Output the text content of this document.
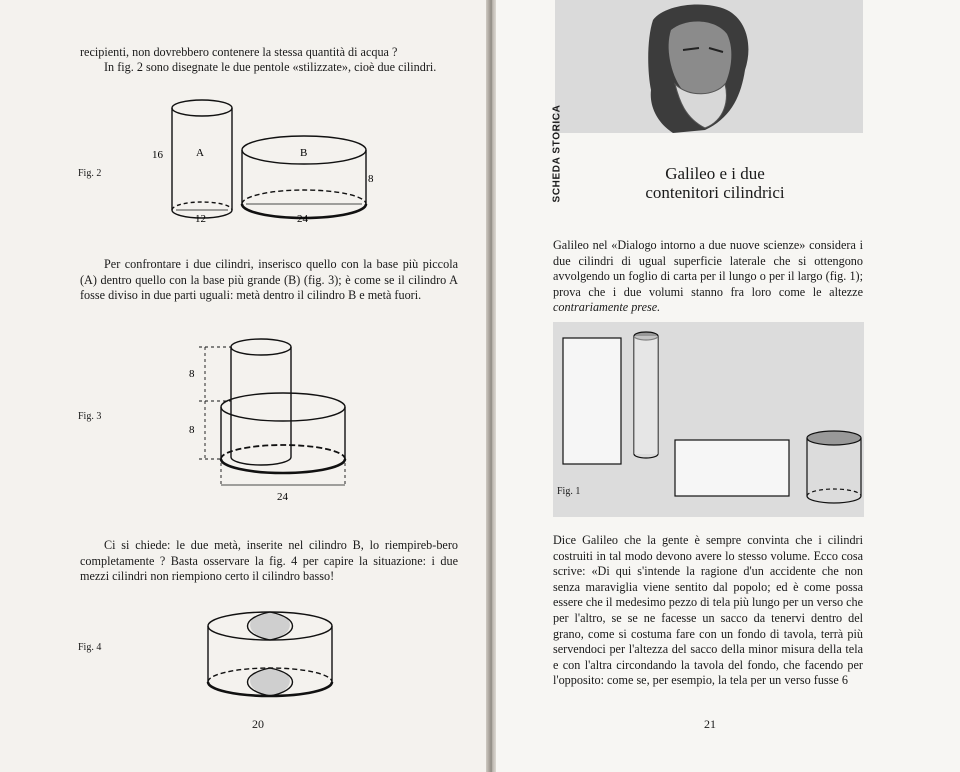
recipienti, non dovrebbero contenere la stessa quantità di acqua ?

In fig. 2 sono disegnate le due pentole «stilizzate», cioè due cilindri.

Fig. 2
16	A
12
B
8
24

Per confrontare i due cilindri, inserisco quello con la base più piccola (A) dentro quello con la base più grande (B) (fig. 3); è come se il cilindro A fosse diviso in due parti uguali: metà dentro il cilindro B e metà fuori.

Fig. 3
8
8
24

Ci si chiede: le due metà, inserite nel cilindro B, lo riempireb-bero completamente ? Basta osservare la fig. 4 per capire la situazione: i due mezzi cilindri non riempiono certo il cilindro basso!

Fig. 4
20
SCHEDA STORICA	Galileo e i due
contenitori cilindrici

Galileo nel «Dialogo intorno a due nuove scienze» considera i due cilindri di ugual superficie laterale che si ottengono avvolgendo un foglio di carta per il lungo o per il largo (fig. 1); prova che i due volumi stanno fra loro come le altezze contrariamente prese.

Fig. 1

Dice Galileo che la gente è sempre convinta che i cilindri costruiti in tal modo devono avere lo stesso volume. Ecco cosa scrive: «Di qui s'intende la ragione d'un accidente che non senza maraviglia viene sentito dal popolo; ed è come possa essere che il medesimo pezzo di tela più lungo per un verso che per l'altro, se se ne facesse un sacco da tenervi dentro del grano, come si costuma fare con un fondo di tavola, terrà più servendoci per l'altezza del sacco della minor misura della tela e con l'altra circondando la tavola del fondo, che facendo per l'opposito: come se, per esempio, la tela per un verso fusse 6

21
